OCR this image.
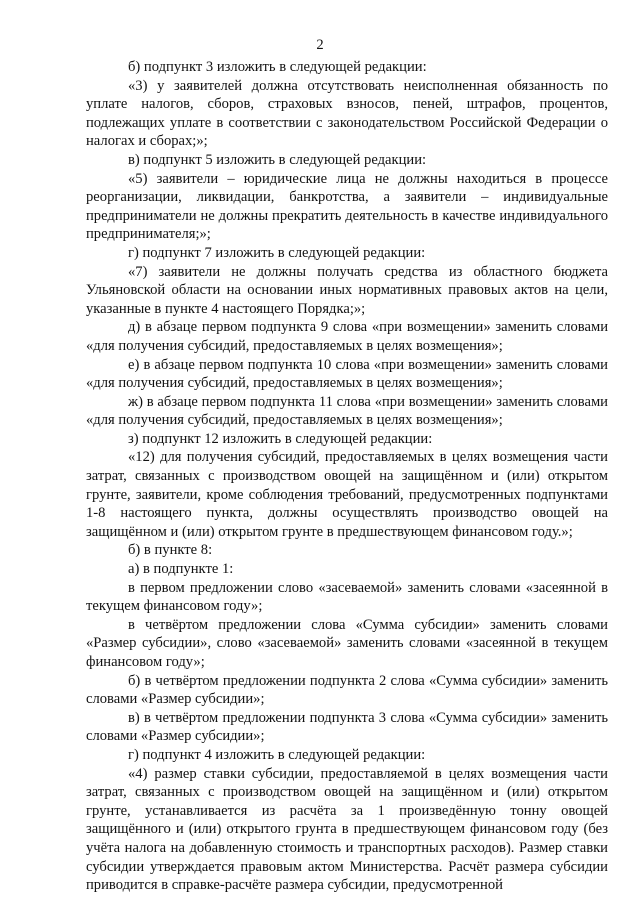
2

б) подпункт 3 изложить в следующей редакции:

«3) у заявителей должна отсутствовать неисполненная обязанность по уплате налогов, сборов, страховых взносов, пеней, штрафов, процентов, подлежащих уплате в соответствии с законодательством Российской Федерации о налогах и сборах;»;

в) подпункт 5 изложить в следующей редакции:

«5) заявители – юридические лица не должны находиться в процессе реорганизации, ликвидации, банкротства, а заявители – индивидуальные предприниматели не должны прекратить деятельность в качестве индивидуального предпринимателя;»;

г) подпункт 7 изложить в следующей редакции:

«7) заявители не должны получать средства из областного бюджета Ульяновской области на основании иных нормативных правовых актов на цели, указанные в пункте 4 настоящего Порядка;»;

д) в абзаце первом подпункта 9 слова «при возмещении» заменить словами «для получения субсидий, предоставляемых в целях возмещения»;

е) в абзаце первом подпункта 10 слова «при возмещении» заменить словами «для получения субсидий, предоставляемых в целях возмещения»;

ж) в абзаце первом подпункта 11 слова «при возмещении» заменить словами «для получения субсидий, предоставляемых в целях возмещения»;

з) подпункт 12 изложить в следующей редакции:

«12) для получения субсидий, предоставляемых в целях возмещения части затрат, связанных с производством овощей на защищённом и (или) открытом грунте, заявители, кроме соблюдения требований, предусмотренных подпунктами 1-8 настоящего пункта, должны осуществлять производство овощей на защищённом и (или) открытом грунте в предшествующем финансовом году.»;

б) в пункте 8:

а) в подпункте 1:

в первом предложении слово «засеваемой» заменить словами «засеянной в текущем финансовом году»;

в четвёртом предложении слова «Сумма субсидии» заменить словами «Размер субсидии», слово «засеваемой» заменить словами «засеянной в текущем финансовом году»;

б) в четвёртом предложении подпункта 2 слова «Сумма субсидии» заменить словами «Размер субсидии»;

в) в четвёртом предложении подпункта 3 слова «Сумма субсидии» заменить словами «Размер субсидии»;

г) подпункт 4 изложить в следующей редакции:

«4) размер ставки субсидии, предоставляемой в целях возмещения части затрат, связанных с производством овощей на защищённом и (или) открытом грунте, устанавливается из расчёта за 1 произведённую тонну овощей защищённого и (или) открытого грунта в предшествующем финансовом году (без учёта налога на добавленную стоимость и транспортных расходов). Размер ставки субсидии утверждается правовым актом Министерства. Расчёт размера субсидии приводится в справке-расчёте размера субсидии, предусмотренной
